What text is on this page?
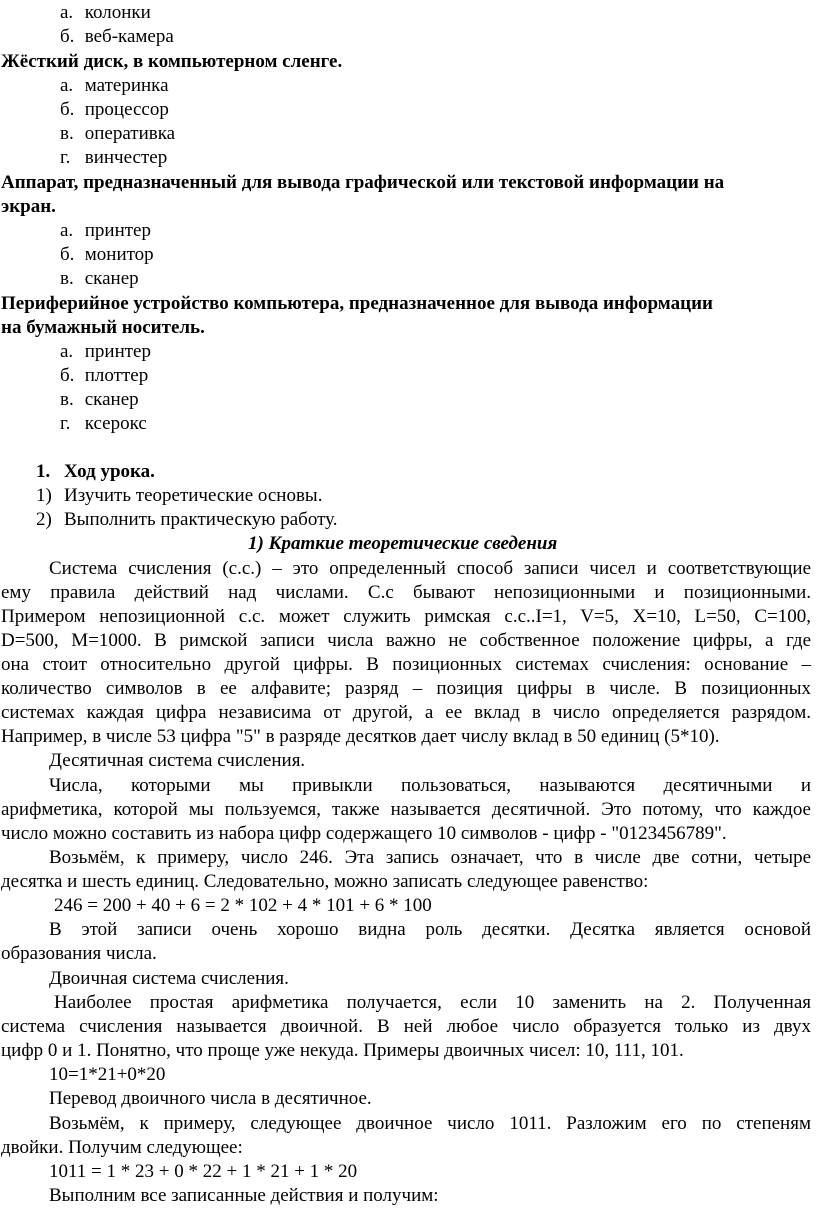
а. колонки
б. веб-камера
Жёсткий диск, в компьютерном сленге.
а. материнка
б. процессор
в. оперативка
г. винчестер
Аппарат, предназначенный для вывода графической или текстовой информации на
экран.
а. принтер
б. монитор
в. сканер
Периферийное устройство компьютера, предназначенное для вывода информации
на бумажный носитель.
а. принтер
б. плоттер
в. сканер
г. ксерокс
1. Ход урока.
1) Изучить теоретические основы.
2) Выполнить практическую работу.
1) Краткие теоретические сведения
Система счисления (с.с.) – это определенный способ записи чисел и соответствующие
ему правила действий над числами. С.с бывают непозиционными и позиционными.
Примером непозиционной с.с. может служить римская с.с..I=1, V=5, X=10, L=50, C=100,
D=500, M=1000. В римской записи числа важно не собственное положение цифры, а где
она стоит относительно другой цифры. В позиционных системах счисления: основание –
количество символов в ее алфавите; разряд – позиция цифры в числе. В позиционных
системах каждая цифра независима от другой, а ее вклад в число определяется разрядом.
Например, в числе 53 цифра "5" в разряде десятков дает числу вклад в 50 единиц (5*10).
Десятичная система счисления.
Числа, которыми мы привыкли пользоваться, называются десятичными и
арифметика, которой мы пользуемся, также называется десятичной. Это потому, что каждое
число можно составить из набора цифр содержащего 10 символов - цифр - "0123456789".
Возьмём, к примеру, число 246. Эта запись означает, что в числе две сотни, четыре
десятка и шесть единиц. Следовательно, можно записать следующее равенство:
246 = 200 + 40 + 6 = 2 * 102 + 4 * 101 + 6 * 100
В этой записи очень хорошо видна роль десятки. Десятка является основой
образования числа.
Двоичная система счисления.
Наиболее простая арифметика получается, если 10 заменить на 2. Полученная
система счисления называется двоичной. В ней любое число образуется только из двух
цифр 0 и 1. Понятно, что проще уже некуда. Примеры двоичных чисел: 10, 111, 101.
10=1*21+0*20
Перевод двоичного числа в десятичное.
Возьмём, к примеру, следующее двоичное число 1011. Разложим его по степеням
двойки. Получим следующее:
1011 = 1 * 23 + 0 * 22 + 1 * 21 + 1 * 20
Выполним все записанные действия и получим:
